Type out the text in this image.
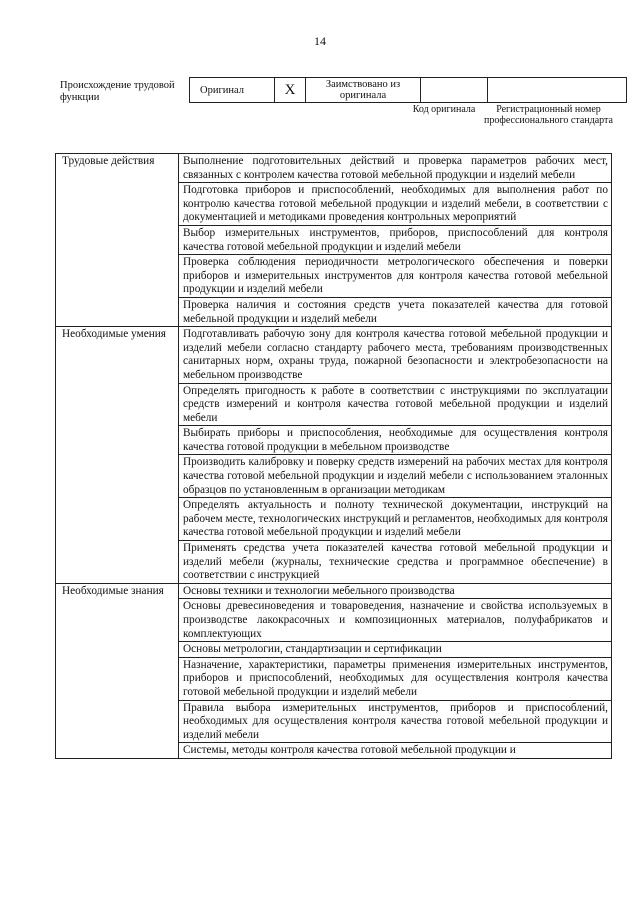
14
Происхождение трудовой функции
Оригинал	X	Заимствовано из оригинала		
Код оригинала	Регистрационный номер профессионального стандарта
Трудовые действия	Выполнение подготовительных действий и проверка параметров рабочих мест, связанных с контролем качества готовой мебельной продукции и изделий мебели
	Подготовка приборов и приспособлений, необходимых для выполнения работ по контролю качества готовой мебельной продукции и изделий мебели, в соответствии с документацией и методиками проведения контрольных мероприятий
	Выбор измерительных инструментов, приборов, приспособлений для контроля качества готовой мебельной продукции и изделий мебели
	Проверка соблюдения периодичности метрологического обеспечения и поверки приборов и измерительных инструментов для контроля качества готовой мебельной продукции и изделий мебели
	Проверка наличия и состояния средств учета показателей качества для готовой мебельной продукции и изделий мебели
Необходимые умения	Подготавливать рабочую зону для контроля качества готовой мебельной продукции и изделий мебели согласно стандарту рабочего места, требованиям производственных санитарных норм, охраны труда, пожарной безопасности и электробезопасности на мебельном производстве
	Определять пригодность к работе в соответствии с инструкциями по эксплуатации средств измерений и контроля качества готовой мебельной продукции и изделий мебели
	Выбирать приборы и приспособления, необходимые для осуществления контроля качества готовой продукции в мебельном производстве
	Производить калибровку и поверку средств измерений на рабочих местах для контроля качества готовой мебельной продукции и изделий мебели с использованием эталонных образцов по установленным в организации методикам
	Определять актуальность и полноту технической документации, инструкций на рабочем месте, технологических инструкций и регламентов, необходимых для контроля качества готовой мебельной продукции и изделий мебели
	Применять средства учета показателей качества готовой мебельной продукции и изделий мебели (журналы, технические средства и программное обеспечение) в соответствии с инструкцией
Необходимые знания	Основы техники и технологии мебельного производства
	Основы древесиноведения и товароведения, назначение и свойства используемых в производстве лакокрасочных и композиционных материалов, полуфабрикатов и комплектующих
	Основы метрологии, стандартизации и сертификации
	Назначение, характеристики, параметры применения измерительных инструментов, приборов и приспособлений, необходимых для осуществления контроля качества готовой мебельной продукции и изделий мебели
	Правила выбора измерительных инструментов, приборов и приспособлений, необходимых для осуществления контроля качества готовой мебельной продукции и изделий мебели

	Системы, методы контроля качества готовой мебельной продукции и
